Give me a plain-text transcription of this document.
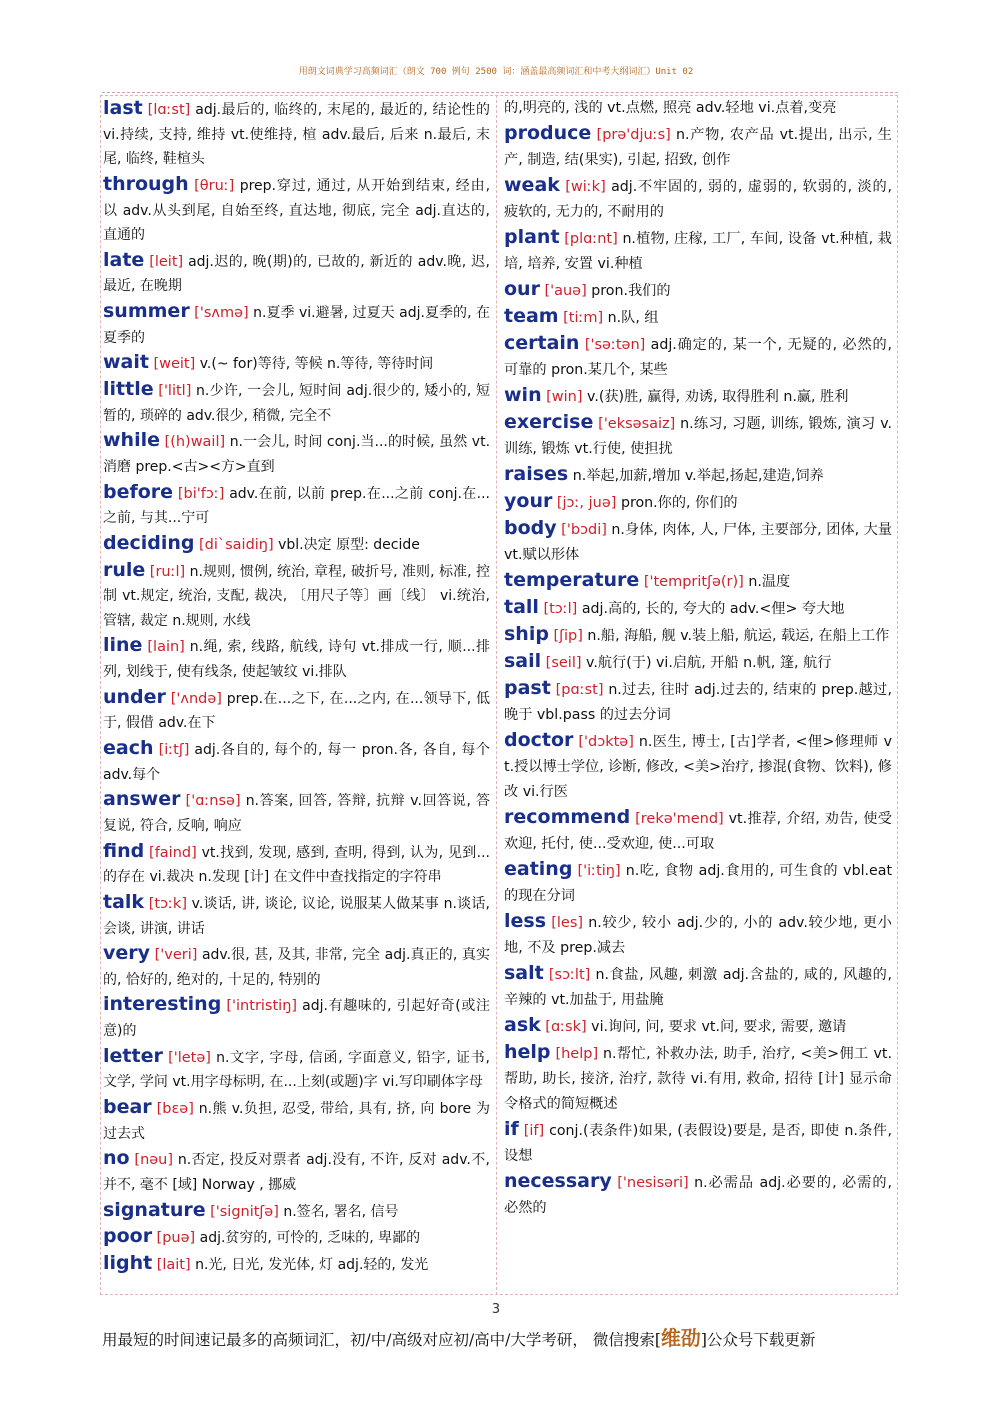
用朗文词典学习高频词汇（朗文 700 例句 2500 词：涵盖最高频词汇和中考大纲词汇）Unit 02
last [lɑːst] adj.最后的, 临终的, 末尾的, 最近的, 结论性的 vi.持续, 支持, 维持 vt.使维持, 楦 adv.最后, 后来 n.最后, 末尾, 临终, 鞋楦头
through [θruː] prep.穿过, 通过, 从开始到结束, 经由, 以 adv.从头到尾, 自始至终, 直达地, 彻底, 完全 adj.直达的, 直通的
late [leit] adj.迟的, 晚(期)的, 已故的, 新近的 adv.晚, 迟, 最近, 在晚期
summer ['sʌmə] n.夏季 vi.避暑, 过夏天 adj.夏季的, 在夏季的
wait [weit] v.(~ for)等待, 等候 n.等待, 等待时间
little ['litl] n.少许, 一会儿, 短时间 adj.很少的, 矮小的, 短暂的, 琐碎的 adv.很少, 稍微, 完全不
while [(h)wail] n.一会儿, 时间 conj.当...的时候, 虽然 vt.消磨 prep.<古><方>直到
before [bi'fɔː] adv.在前, 以前 prep.在...之前 conj.在...之前, 与其...宁可
deciding [di`saidiŋ] vbl.决定 原型: decide
rule [ruːl] n.规则, 惯例, 统治, 章程, 破折号, 准则, 标准, 控制 vt.规定, 统治, 支配, 裁决, 〔用尺子等〕画〔线〕 vi.统治, 管辖, 裁定 n.规则, 水线
line [lain] n.绳, 索, 线路, 航线, 诗句 vt.排成一行, 顺...排列, 划线于, 使有线条, 使起皱纹 vi.排队
under ['ʌndə] prep.在...之下, 在...之内, 在...领导下, 低于, 假借 adv.在下
each [iːtʃ] adj.各自的, 每个的, 每一 pron.各, 各自, 每个 adv.每个
answer ['ɑːnsə] n.答案, 回答, 答辩, 抗辩 v.回答说, 答复说, 符合, 反响, 响应
find [faind] vt.找到, 发现, 感到, 查明, 得到, 认为, 见到...的存在 vi.裁决 n.发现 [计] 在文件中查找指定的字符串
talk [tɔːk] v.谈话, 讲, 谈论, 议论, 说服某人做某事 n.谈话, 会谈, 讲演, 讲话
very ['veri] adv.很, 甚, 及其, 非常, 完全 adj.真正的, 真实的, 恰好的, 绝对的, 十足的, 特别的
interesting ['intristiŋ] adj.有趣味的, 引起好奇(或注意)的
letter ['letə] n.文字, 字母, 信函, 字面意义, 铅字, 证书, 文学, 学问 vt.用字母标明, 在...上刻(或题)字 vi.写印刷体字母
bear [bɛə] n.熊 v.负担, 忍受, 带给, 具有, 挤, 向 bore 为过去式
no [nəu] n.否定, 投反对票者 adj.没有, 不许, 反对 adv.不, 并不, 毫不 [域] Norway , 挪威
signature ['signitʃə] n.签名, 署名, 信号
poor [puə] adj.贫穷的, 可怜的, 乏味的, 卑鄙的
light [lait] n.光, 日光, 发光体, 灯 adj.轻的, 发光
的,明亮的, 浅的 vt.点燃, 照亮 adv.轻地 vi.点着,变亮
produce [prə'djuːs] n.产物, 农产品 vt.提出, 出示, 生产, 制造, 结(果实), 引起, 招致, 创作
weak [wiːk] adj.不牢固的, 弱的, 虚弱的, 软弱的, 淡的, 疲软的, 无力的, 不耐用的
plant [plɑːnt] n.植物, 庄稼, 工厂, 车间, 设备 vt.种植, 栽培, 培养, 安置 vi.种植
our ['auə] pron.我们的
team [tiːm] n.队, 组
certain ['səːtən] adj.确定的, 某一个, 无疑的, 必然的, 可靠的 pron.某几个, 某些
win [win] v.(获)胜, 赢得, 劝诱, 取得胜利 n.赢, 胜利
exercise ['eksəsaiz] n.练习, 习题, 训练, 锻炼, 演习 v.训练, 锻炼 vt.行使, 使担扰
raises n.举起,加薪,增加 v.举起,扬起,建造,饲养
your [jɔː, juə] pron.你的, 你们的
body ['bɔdi] n.身体, 肉体, 人, 尸体, 主要部分, 团体, 大量 vt.赋以形体
temperature ['tempritʃə(r)] n.温度
tall [tɔːl] adj.高的, 长的, 夸大的 adv.<俚> 夸大地
ship [ʃip] n.船, 海船, 舰 v.装上船, 航运, 载运, 在船上工作
sail [seil] v.航行(于) vi.启航, 开船 n.帆, 篷, 航行
past [pɑːst] n.过去, 往时 adj.过去的, 结束的 prep.越过, 晚于 vbl.pass 的过去分词
doctor ['dɔktə] n.医生, 博士, [古]学者, <俚>修理师 vt.授以博士学位, 诊断, 修改, <美>治疗, 掺混(食物、饮料), 修改 vi.行医
recommend [rekə'mend] vt.推荐, 介绍, 劝告, 使受欢迎, 托付, 使...受欢迎, 使...可取
eating ['iːtiŋ] n.吃, 食物 adj.食用的, 可生食的 vbl.eat 的现在分词
less [les] n.较少, 较小 adj.少的, 小的 adv.较少地, 更小地, 不及 prep.减去
salt [sɔːlt] n.食盐, 风趣, 刺激 adj.含盐的, 咸的, 风趣的, 辛辣的 vt.加盐于, 用盐腌
ask [ɑːsk] vi.询问, 问, 要求 vt.问, 要求, 需要, 邀请
help [help] n.帮忙, 补救办法, 助手, 治疗, <美>佣工 vt.帮助, 助长, 接济, 治疗, 款待 vi.有用, 救命, 招待 [计] 显示命令格式的简短概述
if [if] conj.(表条件)如果, (表假设)要是, 是否, 即使 n.条件, 设想
necessary ['nesisəri] n.必需品 adj.必要的, 必需的, 必然的
3
用最短的时间速记最多的高频词汇，初/中/高级对应初/高中/大学考研， 微信搜索[维劭]公众号下载更新
